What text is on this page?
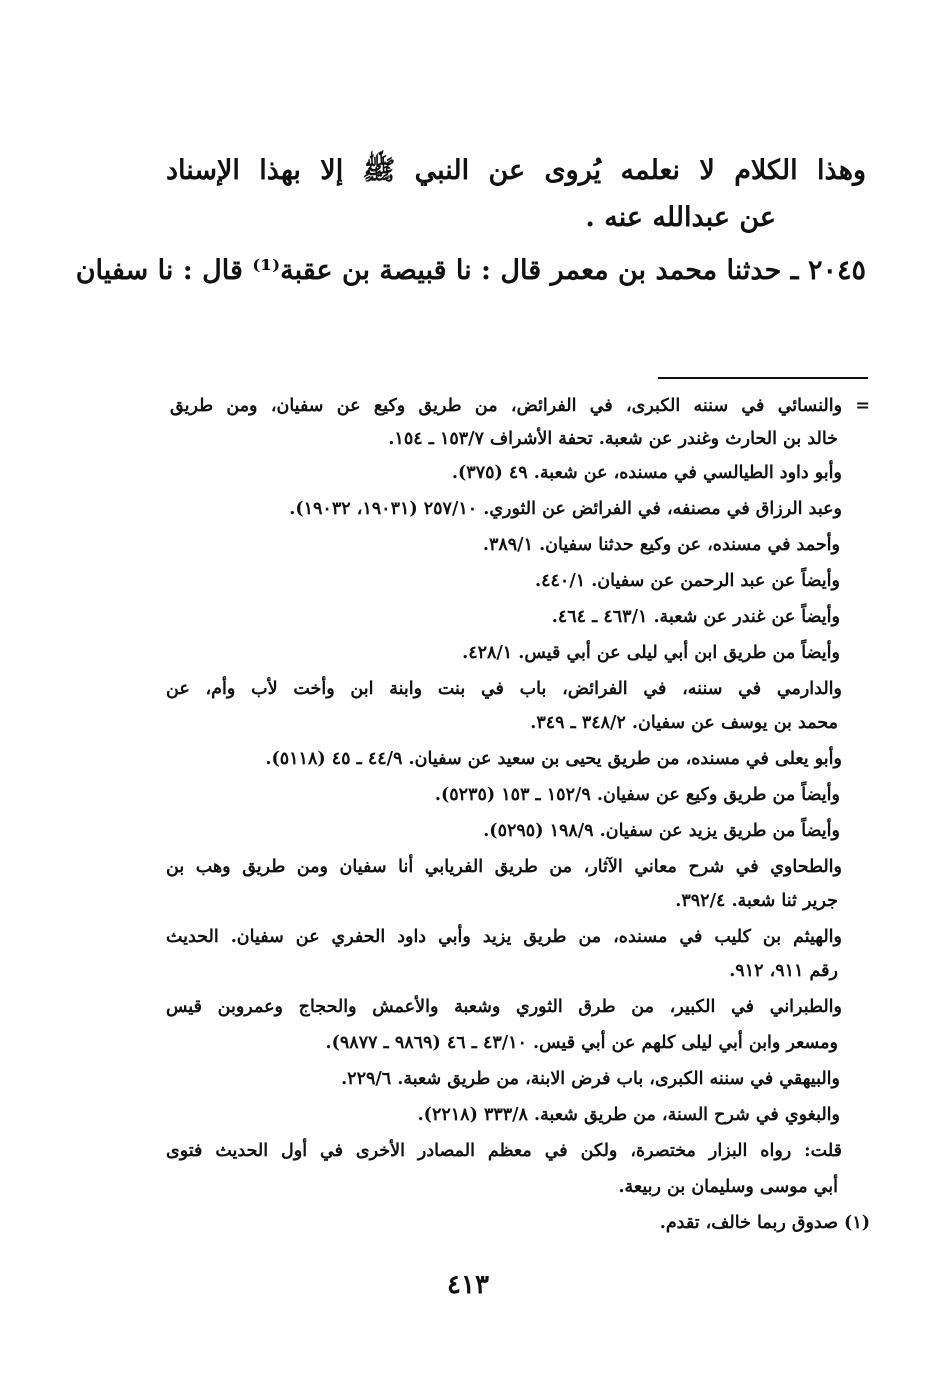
وهذا الكلام لا نعلمه يُروى عن النبي ﷺ إلا بهذا الإسناد

عن عبدالله عنه .

٢٠٤٥ ـ حدثنا محمد بن معمر قال : نا قبيصة بن عقبة⁽¹⁾ قال : نا سفيان

= والنسائي في سننه الكبرى، في الفرائض، من طريق وكيع عن سفيان، ومن طريق

خالد بن الحارث وغندر عن شعبة. تحفة الأشراف ١٥٣/٧ ـ ١٥٤.

وأبو داود الطيالسي في مسنده، عن شعبة. ٤٩ (٣٧٥).

وعبد الرزاق في مصنفه، في الفرائض عن الثوري. ٢٥٧/١٠ (١٩٠٣١، ١٩٠٣٢).

وأحمد في مسنده، عن وكيع حدثنا سفيان. ٣٨٩/١.

وأيضاً عن عبد الرحمن عن سفيان. ٤٤٠/١.

وأيضاً عن غندر عن شعبة. ٤٦٣/١ ـ ٤٦٤.

وأيضاً من طريق ابن أبي ليلى عن أبي قيس. ٤٢٨/١.

والدارمي في سننه، في الفرائض، باب في بنت وابنة ابن وأخت لأب وأم، عن

محمد بن يوسف عن سفيان. ٣٤٨/٢ ـ ٣٤٩.

وأبو يعلى في مسنده، من طريق يحيى بن سعيد عن سفيان. ٤٤/٩ ـ ٤٥ (٥١١٨).

وأيضاً من طريق وكيع عن سفيان. ١٥٢/٩ ـ ١٥٣ (٥٢٣٥).

وأيضاً من طريق يزيد عن سفيان. ١٩٨/٩ (٥٢٩٥).

والطحاوي في شرح معاني الآثار، من طريق الفريابي أنا سفيان ومن طريق وهب بن

جرير ثنا شعبة. ٣٩٢/٤.

والهيثم بن كليب في مسنده، من طريق يزيد وأبي داود الحفري عن سفيان. الحديث

رقم ٩١١، ٩١٢.

والطبراني في الكبير، من طرق الثوري وشعبة والأعمش والحجاج وعمروبن قيس

ومسعر وابن أبي ليلى كلهم عن أبي قيس. ٤٣/١٠ ـ ٤٦ (٩٨٦٩ ـ ٩٨٧٧).

والبيهقي في سننه الكبرى، باب فرض الابنة، من طريق شعبة. ٢٢٩/٦.

والبغوي في شرح السنة، من طريق شعبة. ٣٣٣/٨ (٢٢١٨).

قلت: رواه البزار مختصرة، ولكن في معظم المصادر الأخرى في أول الحديث فتوى

أبي موسى وسليمان بن ربيعة.

(١) صدوق ربما خالف، تقدم.

٤١٣
